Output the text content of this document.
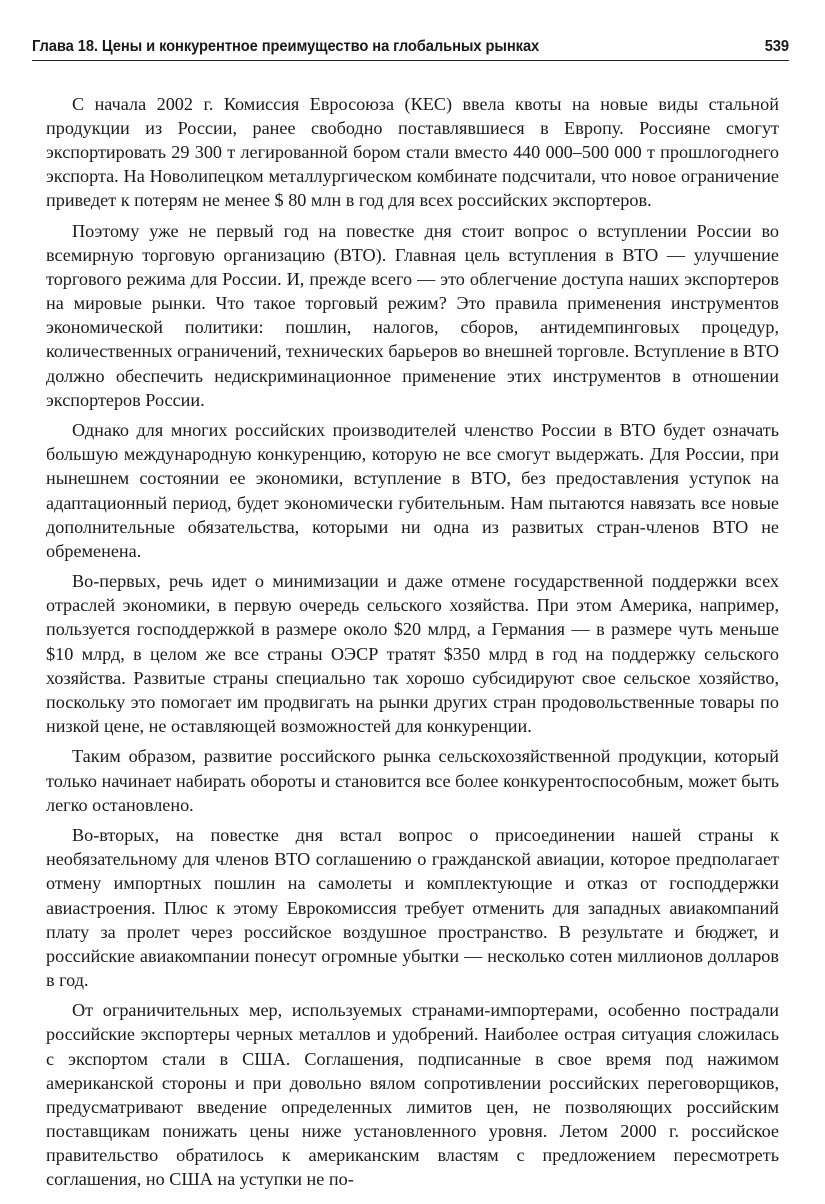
Глава 18. Цены и конкурентное преимущество на глобальных рынках	539

С начала 2002 г. Комиссия Евросоюза (КЕС) ввела квоты на новые виды стальной продукции из России, ранее свободно поставлявшиеся в Европу. Россияне смогут экспортировать 29 300 т легированной бором стали вместо 440 000–500 000 т прошлогоднего экспорта. На Новолипецком металлургическом комбинате подсчитали, что новое ограничение приведет к потерям не менее $ 80 млн в год для всех российских экспортеров.

Поэтому уже не первый год на повестке дня стоит вопрос о вступлении России во всемирную торговую организацию (ВТО). Главная цель вступления в ВТО — улучшение торгового режима для России. И, прежде всего — это облегчение доступа наших экспортеров на мировые рынки. Что такое торговый режим? Это правила применения инструментов экономической политики: пошлин, налогов, сборов, антидемпинговых процедур, количественных ограничений, технических барьеров во внешней торговле. Вступление в ВТО должно обеспечить недискриминационное применение этих инструментов в отношении экспортеров России.

Однако для многих российских производителей членство России в ВТО будет означать большую международную конкуренцию, которую не все смогут выдержать. Для России, при нынешнем состоянии ее экономики, вступление в ВТО, без предоставления уступок на адаптационный период, будет экономически губительным. Нам пытаются навязать все новые дополнительные обязательства, которыми ни одна из развитых стран-членов ВТО не обременена.

Во-первых, речь идет о минимизации и даже отмене государственной поддержки всех отраслей экономики, в первую очередь сельского хозяйства. При этом Америка, например, пользуется господдержкой в размере около $20 млрд, а Германия — в размере чуть меньше $10 млрд, в целом же все страны ОЭСР тратят $350 млрд в год на поддержку сельского хозяйства. Развитые страны специально так хорошо субсидируют свое сельское хозяйство, поскольку это помогает им продвигать на рынки других стран продовольственные товары по низкой цене, не оставляющей возможностей для конкуренции.

Таким образом, развитие российского рынка сельскохозяйственной продукции, который только начинает набирать обороты и становится все более конкурентоспособным, может быть легко остановлено.

Во-вторых, на повестке дня встал вопрос о присоединении нашей страны к необязательному для членов ВТО соглашению о гражданской авиации, которое предполагает отмену импортных пошлин на самолеты и комплектующие и отказ от господдержки авиастроения. Плюс к этому Еврокомиссия требует отменить для западных авиакомпаний плату за пролет через российское воздушное пространство. В результате и бюджет, и российские авиакомпании понесут огромные убытки — несколько сотен миллионов долларов в год.

От ограничительных мер, используемых странами-импортерами, особенно пострадали российские экспортеры черных металлов и удобрений. Наиболее острая ситуация сложилась с экспортом стали в США. Соглашения, подписанные в свое время под нажимом американской стороны и при довольно вялом сопротивлении российских переговорщиков, предусматривают введение определенных лимитов цен, не позволяющих российским поставщикам понижать цены ниже установленного уровня. Летом 2000 г. российское правительство обратилось к американским властям с предложением пересмотреть соглашения, но США на уступки не по-
